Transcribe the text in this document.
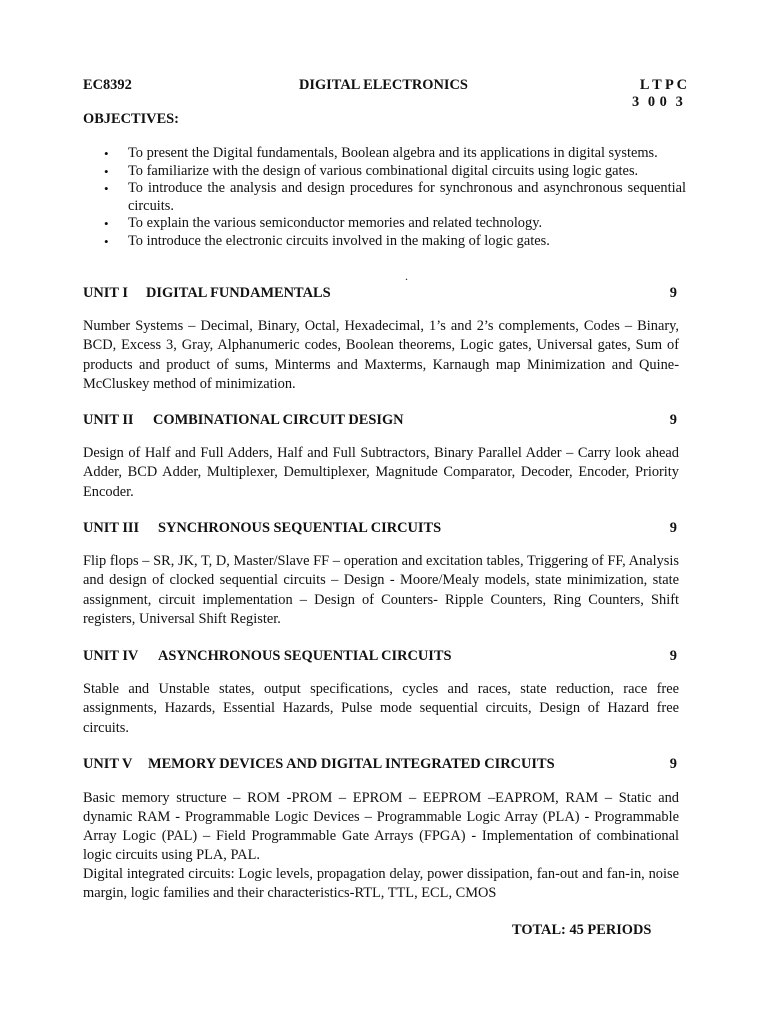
EC8392	DIGITAL ELECTRONICS	L T P C
3  0 0  3
OBJECTIVES:
• To present the Digital fundamentals, Boolean algebra and its applications in digital systems.
• To familiarize with the design of various combinational digital circuits using logic gates.
• To introduce the analysis and design procedures for synchronous and asynchronous sequential circuits.
• To explain the various semiconductor memories and related technology.
• To introduce the electronic circuits involved in the making of logic gates.
.
UNIT I DIGITAL FUNDAMENTALS	9
Number Systems – Decimal, Binary, Octal, Hexadecimal, 1’s and 2’s complements, Codes – Binary, BCD, Excess 3, Gray, Alphanumeric codes, Boolean theorems, Logic gates, Universal gates, Sum of products and product of sums, Minterms and Maxterms, Karnaugh map Minimization and Quine-McCluskey method of minimization.
UNIT II COMBINATIONAL CIRCUIT DESIGN	9
Design of Half and Full Adders, Half and Full Subtractors, Binary Parallel Adder – Carry look ahead Adder, BCD Adder, Multiplexer, Demultiplexer, Magnitude Comparator, Decoder, Encoder, Priority Encoder.
UNIT III SYNCHRONOUS SEQUENTIAL CIRCUITS	9
Flip flops – SR, JK, T, D, Master/Slave FF – operation and excitation tables, Triggering of FF, Analysis and design of clocked sequential circuits – Design - Moore/Mealy models, state minimization, state assignment, circuit implementation – Design of Counters- Ripple Counters, Ring Counters, Shift registers, Universal Shift Register.
UNIT IV ASYNCHRONOUS SEQUENTIAL CIRCUITS	9
Stable and Unstable states, output specifications, cycles and races, state reduction, race free assignments, Hazards, Essential Hazards, Pulse mode sequential circuits, Design of Hazard free circuits.
UNIT V MEMORY DEVICES AND DIGITAL INTEGRATED CIRCUITS	9
Basic memory structure – ROM -PROM – EPROM – EEPROM –EAPROM, RAM – Static and dynamic RAM - Programmable Logic Devices – Programmable Logic Array (PLA) - Programmable Array Logic (PAL) – Field Programmable Gate Arrays (FPGA) - Implementation of combinational logic circuits using PLA, PAL.
Digital integrated circuits: Logic levels, propagation delay, power dissipation, fan-out and fan-in, noise margin, logic families and their characteristics-RTL, TTL, ECL, CMOS
TOTAL: 45 PERIODS
